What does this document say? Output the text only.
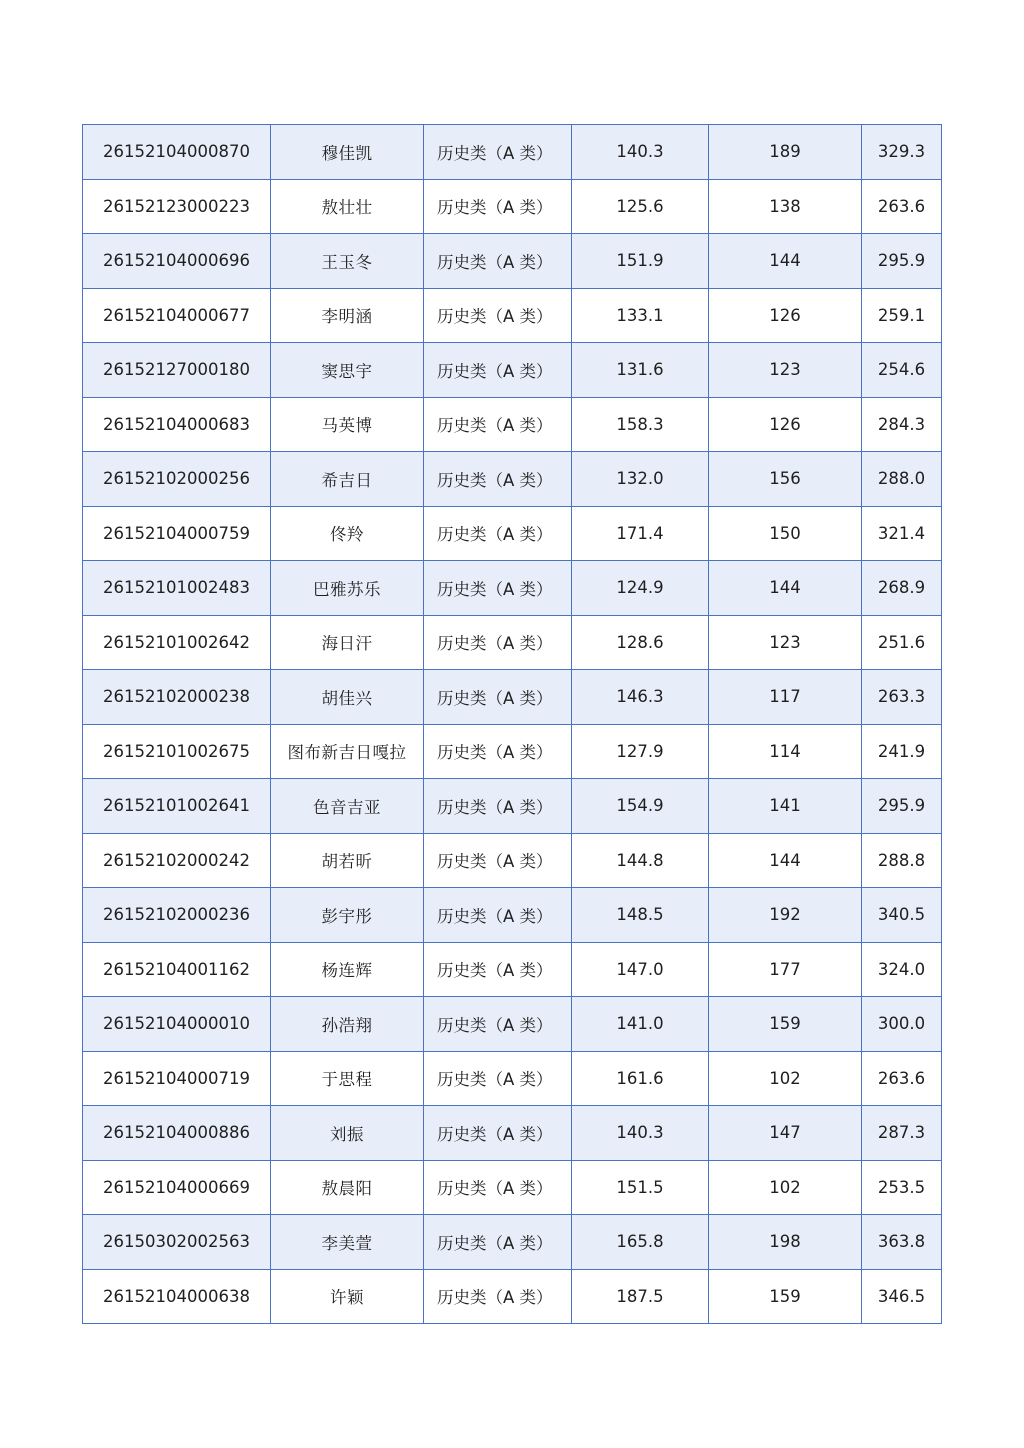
26152104000870	穆佳凯	历史类（A 类）	140.3	189	329.3
26152123000223	敖壮壮	历史类（A 类）	125.6	138	263.6
26152104000696	王玉冬	历史类（A 类）	151.9	144	295.9
26152104000677	李明涵	历史类（A 类）	133.1	126	259.1
26152127000180	窦思宇	历史类（A 类）	131.6	123	254.6
26152104000683	马英博	历史类（A 类）	158.3	126	284.3
26152102000256	希吉日	历史类（A 类）	132.0	156	288.0
26152104000759	佟羚	历史类（A 类）	171.4	150	321.4
26152101002483	巴雅苏乐	历史类（A 类）	124.9	144	268.9
26152101002642	海日汗	历史类（A 类）	128.6	123	251.6
26152102000238	胡佳兴	历史类（A 类）	146.3	117	263.3
26152101002675	图布新吉日嘎拉	历史类（A 类）	127.9	114	241.9
26152101002641	色音吉亚	历史类（A 类）	154.9	141	295.9
26152102000242	胡若昕	历史类（A 类）	144.8	144	288.8
26152102000236	彭宇彤	历史类（A 类）	148.5	192	340.5
26152104001162	杨连辉	历史类（A 类）	147.0	177	324.0
26152104000010	孙浩翔	历史类（A 类）	141.0	159	300.0
26152104000719	于思程	历史类（A 类）	161.6	102	263.6
26152104000886	刘振	历史类（A 类）	140.3	147	287.3
26152104000669	敖晨阳	历史类（A 类）	151.5	102	253.5
26150302002563	李美萱	历史类（A 类）	165.8	198	363.8
26152104000638	许颖	历史类（A 类）	187.5	159	346.5
